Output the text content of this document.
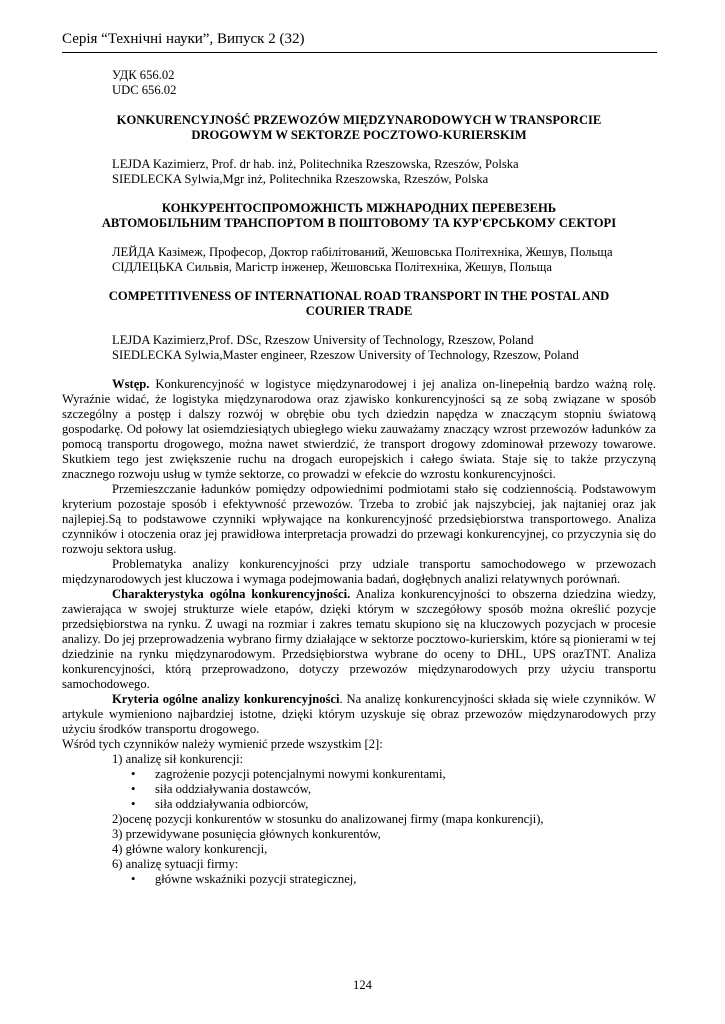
Серія “Технічні науки”, Випуск 2 (32)
УДК 656.02
UDC 656.02
KONKURENCYJNOŚĆ PRZEWOZÓW MIĘDZYNARODOWYCH W TRANSPORCIE
DROGOWYM W SEKTORZE POCZTOWO-KURIERSKIM
LEJDA Kazimierz, Prof. dr hab. inż, Politechnika Rzeszowska, Rzeszów, Polska
SIEDLECKA Sylwia,Mgr inż, Politechnika Rzeszowska, Rzeszów, Polska
КОНКУРЕНТОСПРОМОЖНІСТЬ МІЖНАРОДНИХ ПЕРЕВЕЗЕНЬ
АВТОМОБІЛЬНИМ ТРАНСПОРТОМ В ПОШТОВОМУ ТА КУР'ЄРСЬКОМУ СЕКТОРІ
ЛЕЙДА Казімеж, Професор, Доктор габілітований, Жешовська Політехніка, Жешув, Польща
СІДЛЕЦЬКА Сильвія, Магістр інженер, Жешовська Політехніка, Жешув, Польща
COMPETITIVENESS OF INTERNATIONAL ROAD TRANSPORT IN THE POSTAL AND
COURIER TRADE
LEJDA Kazimierz,Prof. DSc, Rzeszow University of Technology, Rzeszow, Poland
SIEDLECKA Sylwia,Master engineer, Rzeszow University of Technology, Rzeszow, Poland

Wstęp. Konkurencyjność w logistyce międzynarodowej i jej analiza on-linepełnią bardzo ważną rolę. Wyraźnie widać, że logistyka międzynarodowa oraz zjawisko konkurencyjności są ze sobą związane w sposób szczególny a postęp i dalszy rozwój w obrębie obu tych dziedzin napędza w znaczącym stopniu światową gospodarkę. Od połowy lat osiemdziesiątych ubiegłego wieku zauważamy znaczący wzrost przewozów ładunków za pomocą transportu drogowego, można nawet stwierdzić, że transport drogowy zdominował przewozy towarowe. Skutkiem tego jest zwiększenie ruchu na drogach europejskich i całego świata. Staje się to także przyczyną znacznego rozwoju usług w tymże sektorze, co prowadzi w efekcie do wzrostu konkurencyjności.

Przemieszczanie ładunków pomiędzy odpowiednimi podmiotami stało się codziennością. Podstawowym kryterium pozostaje sposób i efektywność przewozów. Trzeba to zrobić jak najszybciej, jak najtaniej oraz jak najlepiej.Są to podstawowe czynniki wpływające na konkurencyjność przedsiębiorstwa transportowego. Analiza czynników i otoczenia oraz jej prawidłowa interpretacja prowadzi do przewagi konkurencyjnej, co przyczynia się do rozwoju sektora usług.

Problematyka analizy konkurencyjności przy udziale transportu samochodowego w przewozach międzynarodowych jest kluczowa i wymaga podejmowania badań, dogłębnych analizi relatywnych porównań.

Charakterystyka ogólna konkurencyjności. Analiza konkurencyjności to obszerna dziedzina wiedzy, zawierająca w swojej strukturze wiele etapów, dzięki którym w szczegółowy sposób można określić pozycje przedsiębiorstwa na rynku. Z uwagi na rozmiar i zakres tematu skupiono się na kluczowych pozycjach w procesie analizy. Do jej przeprowadzenia wybrano firmy działające w sektorze pocztowo-kurierskim, które są pionierami w tej dziedzinie na rynku międzynarodowym. Przedsiębiorstwa wybrane do oceny to DHL, UPS orazTNT. Analiza konkurencyjności, którą przeprowadzono, dotyczy przewozów międzynarodowych przy użyciu transportu samochodowego.

Kryteria ogólne analizy konkurencyjności. Na analizę konkurencyjności składa się wiele czynników. W artykule wymieniono najbardziej istotne, dzięki którym uzyskuje się obraz przewozów międzynarodowych przy użyciu środków transportu drogowego.

Wśród tych czynników należy wymienić przede wszystkim [2]:

1) analizę sił konkurencji:
• zagrożenie pozycji potencjalnymi nowymi konkurentami,
• siła oddziaływania dostawców,
• siła oddziaływania odbiorców,
2)ocenę pozycji konkurentów w stosunku do analizowanej firmy (mapa konkurencji),
3) przewidywane posunięcia głównych konkurentów,
4) główne walory konkurencji,
6) analizę sytuacji firmy:
• główne wskaźniki pozycji strategicznej,
124
